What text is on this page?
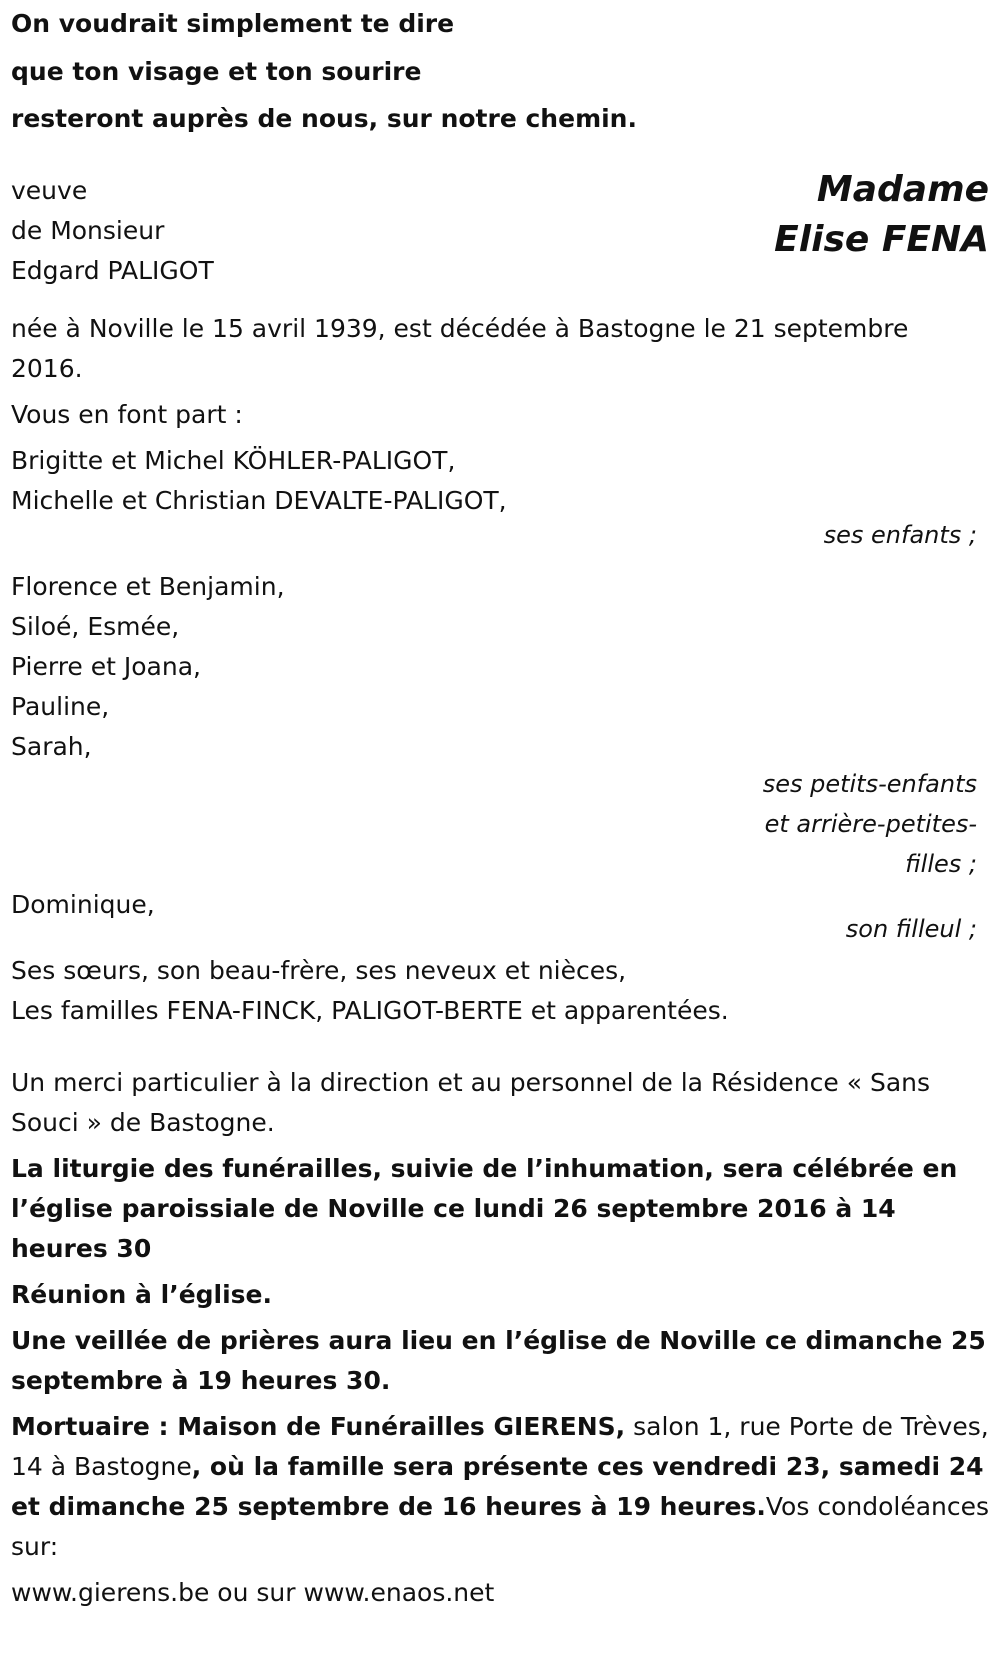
On voudrait simplement te dire
que ton visage et ton sourire
resteront auprès de nous, sur notre chemin.
veuve
de Monsieur
Edgard PALIGOT
Madame
Elise FENA

née à Noville le 15 avril 1939, est décédée à Bastogne le 21 septembre 2016.

Vous en font part :

Brigitte et Michel KÖHLER-PALIGOT,
Michelle et Christian DEVALTE-PALIGOT,
ses enfants ;
Florence et Benjamin,
Siloé, Esmée,
Pierre et Joana,
Pauline,
Sarah,
ses petits-enfants
et arrière-petites-
filles ;
Dominique,
son filleul ;
Ses sœurs, son beau-frère, ses neveux et nièces,
Les familles FENA-FINCK, PALIGOT-BERTE et apparentées.

Un merci particulier à la direction et au personnel de la Résidence « Sans Souci » de Bastogne.

La liturgie des funérailles, suivie de l’inhumation, sera célébrée en l’église paroissiale de Noville ce lundi 26 septembre 2016 à 14 heures 30

Réunion à l’église.

Une veillée de prières aura lieu en l’église de Noville ce dimanche 25 septembre à 19 heures 30.

Mortuaire : Maison de Funérailles GIERENS, salon 1, rue Porte de Trèves, 14 à Bastogne, où la famille sera présente ces vendredi 23, samedi 24 et dimanche 25 septembre de 16 heures à 19 heures.Vos condoléances sur:

www.gierens.be ou sur www.enaos.net
